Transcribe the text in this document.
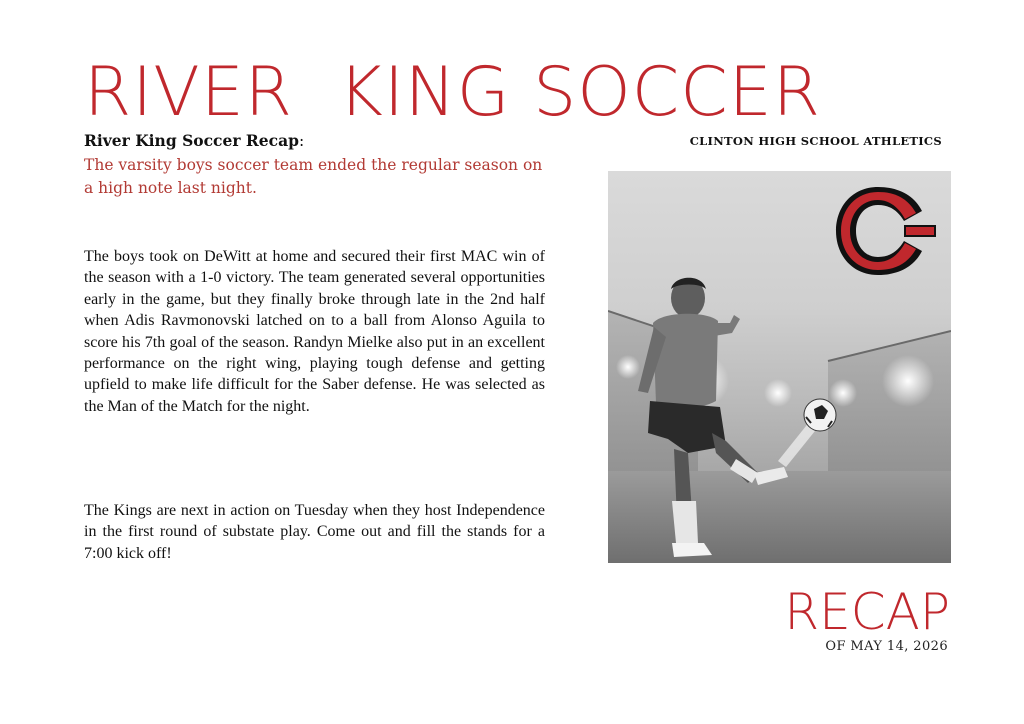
RIVER  KING SOCCER
CLINTON HIGH SCHOOL ATHLETICS
River King Soccer Recap:

The varsity boys soccer team ended the regular season on a high note last night.

The boys took on DeWitt at home and secured their first MAC win of the season with a 1-0 victory. The team generated several opportunities early in the game, but they finally broke through late in the 2nd half when Adis Ravmonovski latched on to a ball from Alonso Aguila to score his 7th goal of the season. Randyn Mielke also put in an excellent performance on the right wing, playing tough defense and getting upfield to make life difficult for the Saber defense. He was selected as the Man of the Match for the night.

The Kings are next in action on Tuesday when they host Independence in the first round of substate play. Come out and fill the stands for a 7:00 kick off!

RECAP
OF MAY 14, 2026
